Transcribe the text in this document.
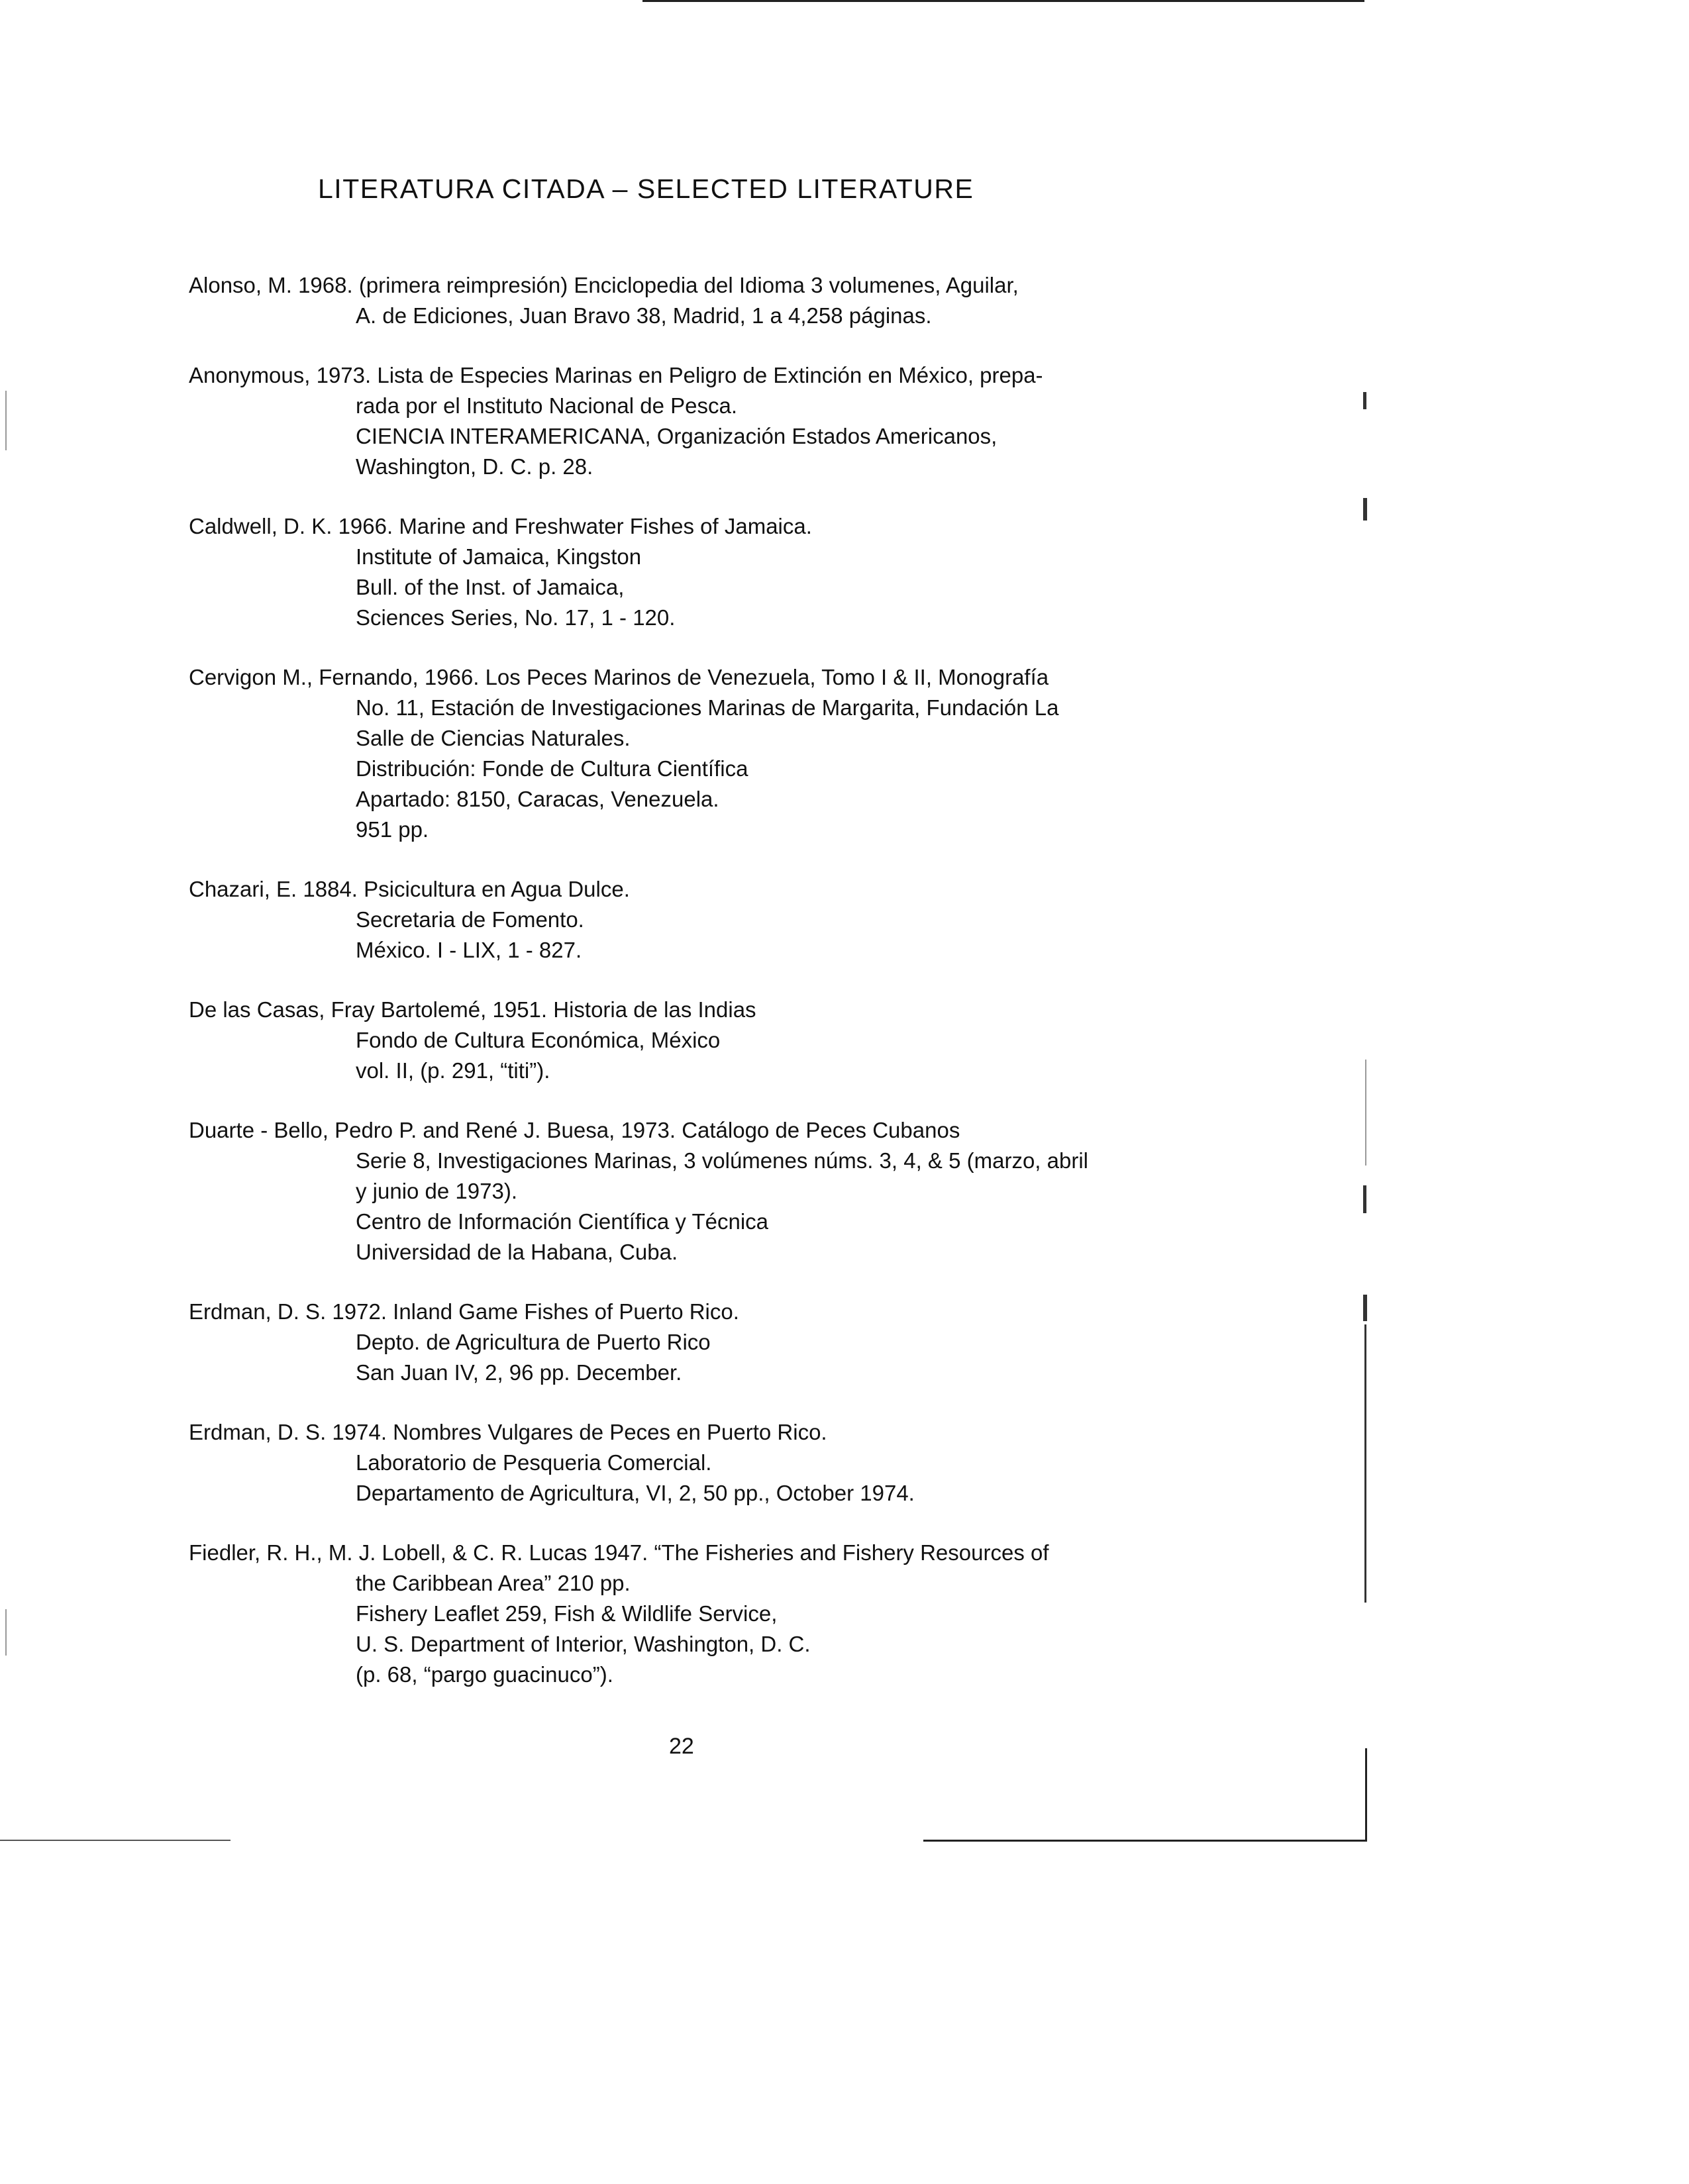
LITERATURA CITADA – SELECTED LITERATURE
Alonso, M. 1968. (primera reimpresión) Enciclopedia del Idioma 3 volumenes, Aguilar,
A. de Ediciones, Juan Bravo 38, Madrid, 1 a 4,258 páginas.
Anonymous, 1973. Lista de Especies Marinas en Peligro de Extinción en México, prepa-
rada por el Instituto Nacional de Pesca.
CIENCIA INTERAMERICANA, Organización Estados Americanos,
Washington, D. C. p. 28.
Caldwell, D. K. 1966. Marine and Freshwater Fishes of Jamaica.
Institute of Jamaica, Kingston
Bull. of the Inst. of Jamaica,
Sciences Series, No. 17, 1 - 120.
Cervigon M., Fernando, 1966. Los Peces Marinos de Venezuela, Tomo I & II, Monografía
No. 11, Estación de Investigaciones Marinas de Margarita, Fundación La
Salle de Ciencias Naturales.
Distribución: Fonde de Cultura Científica
Apartado: 8150, Caracas, Venezuela.
951 pp.
Chazari, E. 1884. Psicicultura en Agua Dulce.
Secretaria de Fomento.
México. I - LIX, 1 - 827.
De las Casas, Fray Bartolemé, 1951. Historia de las Indias
Fondo de Cultura Económica, México
vol. II, (p. 291, “titi”).
Duarte - Bello, Pedro P. and René J. Buesa, 1973. Catálogo de Peces Cubanos
Serie 8, Investigaciones Marinas, 3 volúmenes núms. 3, 4, & 5 (marzo, abril
y junio de 1973).
Centro de Información Científica y Técnica
Universidad de la Habana, Cuba.
Erdman, D. S. 1972. Inland Game Fishes of Puerto Rico.
Depto. de Agricultura de Puerto Rico
San Juan IV, 2, 96 pp. December.
Erdman, D. S. 1974. Nombres Vulgares de Peces en Puerto Rico.
Laboratorio de Pesqueria Comercial.
Departamento de Agricultura, VI, 2, 50 pp., October 1974.
Fiedler, R. H., M. J. Lobell, & C. R. Lucas 1947. “The Fisheries and Fishery Resources of
the Caribbean Area” 210 pp.
Fishery Leaflet 259, Fish & Wildlife Service,
U. S. Department of Interior, Washington, D. C.
(p. 68, “pargo guacinuco”).
22
